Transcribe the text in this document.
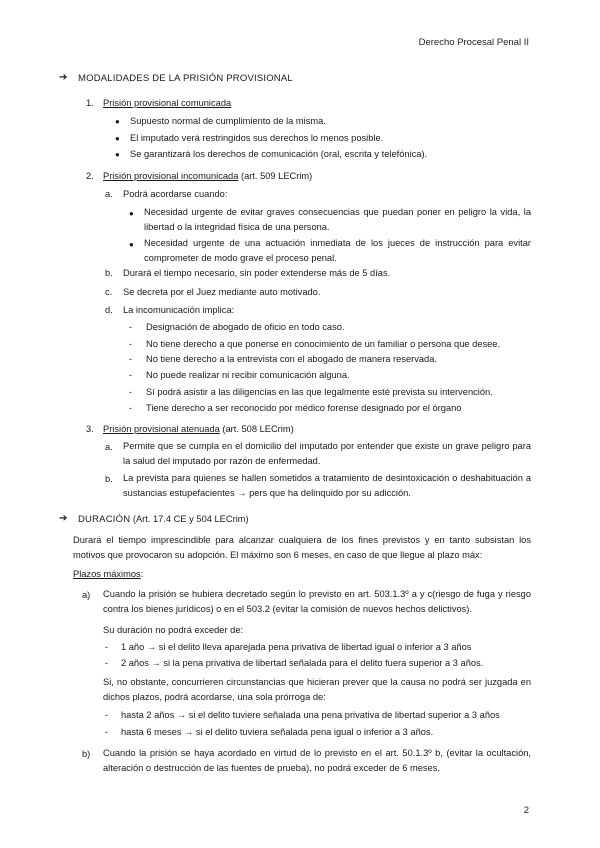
Derecho Procesal Penal II
➔ MODALIDADES DE LA PRISIÓN PROVISIONAL
1. Prisión provisional comunicada
● Supuesto normal de cumplimiento de la misma.
● El imputado verá restringidos sus derechos lo menos posible.
● Se garantizará los derechos de comunicación (oral, escrita y telefónica).
2. Prisión provisional incomunicada (art. 509 LECrim)
a. Podrá acordarse cuando:
● Necesidad urgente de evitar graves consecuencias que puedan poner en peligro la vida, la libertad o la integridad física de una persona.
● Necesidad urgente de una actuación inmediata de los jueces de instrucción para evitar comprometer de modo grave el proceso penal.
b. Durará el tiempo necesario, sin poder extenderse más de 5 días.
c. Se decreta por el Juez mediante auto motivado.
d. La incomunicación implica:
- Designación de abogado de oficio en todo caso.
- No tiene derecho a que ponerse en conocimiento de un familiar o persona que desee.
- No tiene derecho a la entrevista con el abogado de manera reservada.
- No puede realizar ni recibir comunicación alguna.
- Sí podrá asistir a las diligencias en las que legalmente esté prevista su intervención.
- Tiene derecho a ser reconocido por médico forense designado por el órgano
3. Prisión provisional atenuada (art. 508 LECrim)
a. Permite que se cumpla en el domicilio del imputado por entender que existe un grave peligro para la salud del imputado por razón de enfermedad.
b. La prevista para quienes se hallen sometidos a tratamiento de desintoxicación o deshabituación a sustancias estupefacientes → pers que ha delinquido por su adicción.
➔ DURACIÓN (Art. 17.4 CE y 504 LECrim)
Durará el tiempo imprescindible para alcanzar cualquiera de los fines previstos y en tanto subsistan los motivos que provocaron su adopción. El máximo son 6 meses, en caso de que llegue al plazo máx:
Plazos máximos:
a) Cuando la prisión se hubiera decretado según lo previsto en art. 503.1.3º a y c(riesgo de fuga y riesgo contra los bienes jurídicos) o en el 503.2 (evitar la comisión de nuevos hechos delictivos).
Su duración no podrá exceder de:
- 1 año → si el delito lleva aparejada pena privativa de libertad igual o inferior a 3 años
- 2 años → si la pena privativa de libertad señalada para el delito fuera superior a 3 años.
Si, no obstante, concurrieren circunstancias que hicieran prever que la causa no podrá ser juzgada en dichos plazos, podrá acordarse, una sola prórroga de:
- hasta 2 años → si el delito tuviere señalada una pena privativa de libertad superior a 3 años
- hasta 6 meses → si el delito tuviera señalada pena igual o inferior a 3 años.
b) Cuando la prisión se haya acordado en virtud de lo previsto en el art. 50.1.3º b, (evitar la ocultación, alteración o destrucción de las fuentes de prueba), no podrá exceder de 6 meses.
2
